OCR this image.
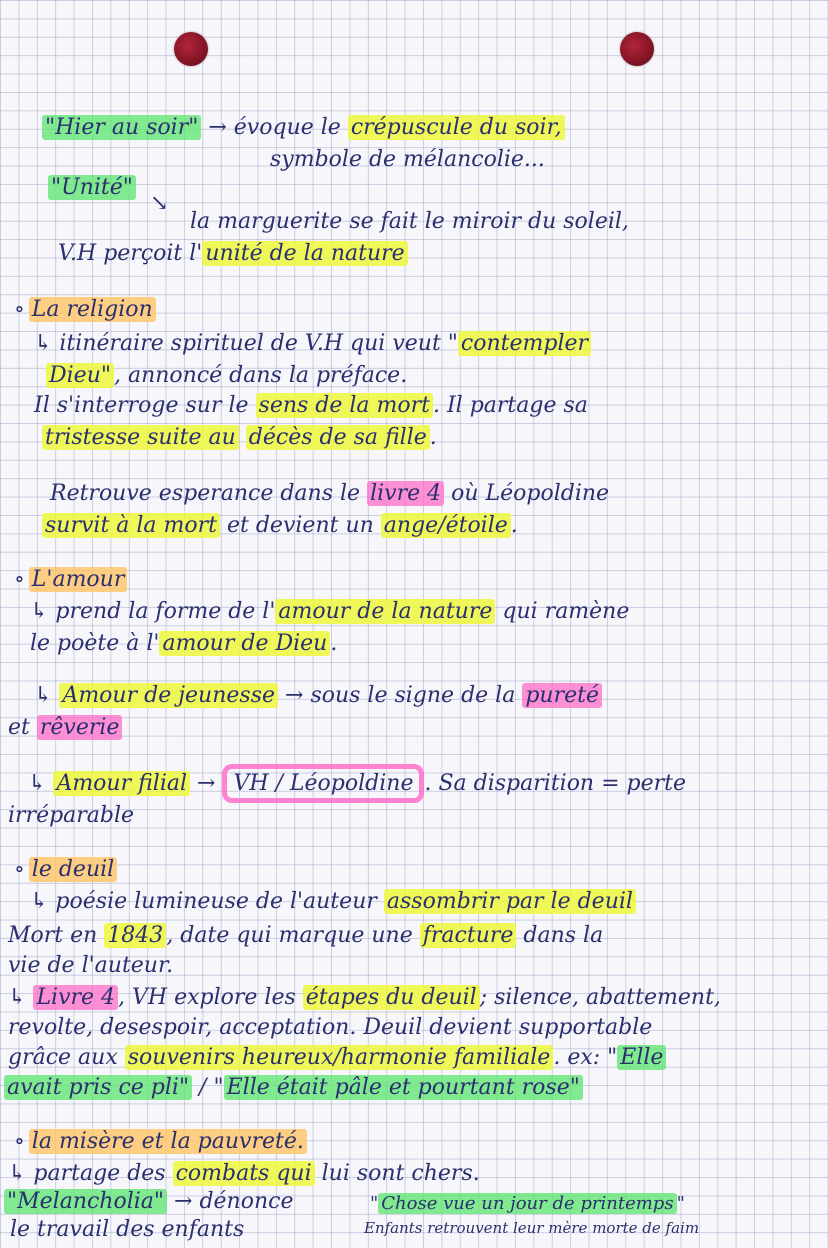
"Hier au soir" → évoque le crépuscule du soir,
symbole de mélancolie...
"Unité"
↘
la marguerite se fait le miroir du soleil,
V.H perçoit l' unité de la nature
∘ La religion
↳ itinéraire spirituel de V.H qui veut " contempler
Dieu" , annoncé dans la préface.
Il s'interroge sur le sens de la mort . Il partage sa
tristesse suite au décès de sa fille .
Retrouve esperance dans le livre 4 où Léopoldine
survit à la mort et devient un ange/étoile .
∘ L'amour
↳ prend la forme de l' amour de la nature qui ramène
le poète à l' amour de Dieu .
↳ Amour de jeunesse → sous le signe de la pureté
et rêverie
↳ Amour filial → VH / Léopoldine . Sa disparition = perte
irréparable
∘ le deuil
↳ poésie lumineuse de l'auteur assombrir par le deuil
Mort en 1843 , date qui marque une fracture dans la
vie de l'auteur.
↳ Livre 4 , VH explore les étapes du deuil ; silence, abattement,
revolte, desespoir, acceptation. Deuil devient supportable
grâce aux souvenirs heureux/harmonie familiale . ex: " Elle
avait pris ce pli" / " Elle était pâle et pourtant rose"
∘ la misère et la pauvreté.
↳ partage des combats qui lui sont chers.
"Melancholia" → dénonce	" Chose vue un jour de printemps "
le travail des enfants	Enfants retrouvent leur mère morte de faim
